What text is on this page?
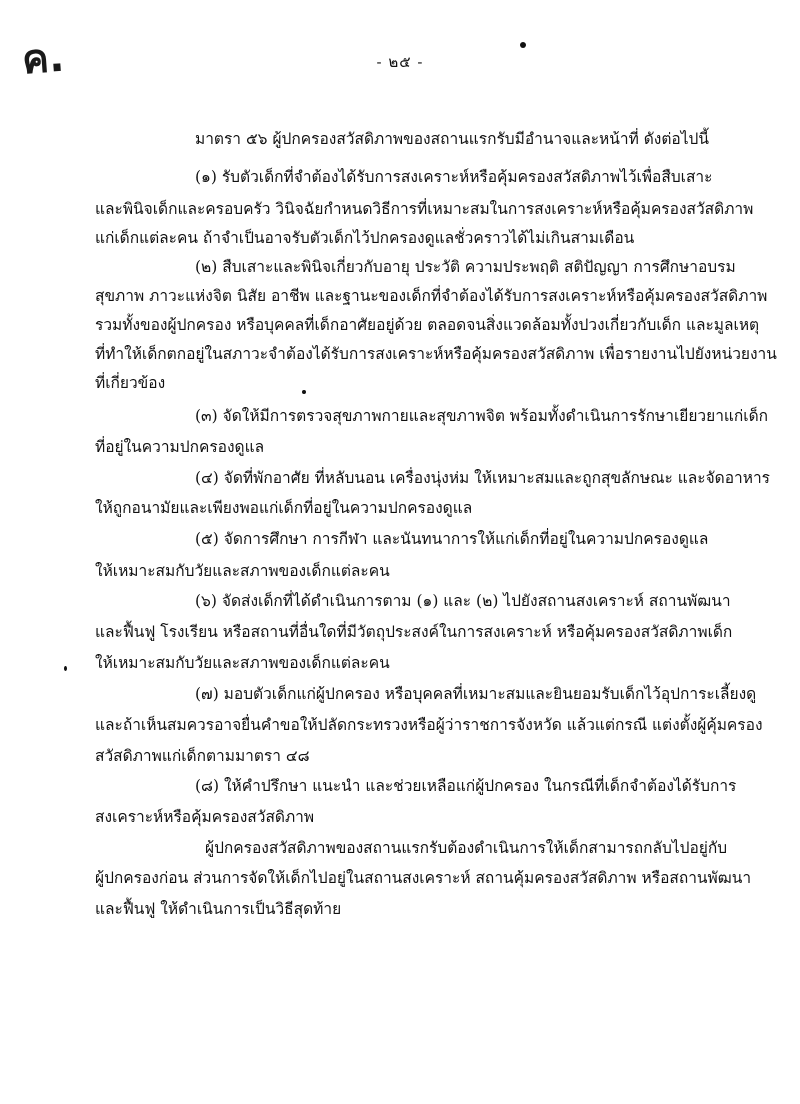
ค.	- ๒๕ -
มาตรา ๕๖ ผู้ปกครองสวัสดิภาพของสถานแรกรับมีอำนาจและหน้าที่ ดังต่อไปนี้
(๑) รับตัวเด็กที่จำต้องได้รับการสงเคราะห์หรือคุ้มครองสวัสดิภาพไว้เพื่อสืบเสาะ
และพินิจเด็กและครอบครัว วินิจฉัยกำหนดวิธีการที่เหมาะสมในการสงเคราะห์หรือคุ้มครองสวัสดิภาพ
แก่เด็กแต่ละคน ถ้าจำเป็นอาจรับตัวเด็กไว้ปกครองดูแลชั่วคราวได้ไม่เกินสามเดือน
(๒) สืบเสาะและพินิจเกี่ยวกับอายุ ประวัติ ความประพฤติ สติปัญญา การศึกษาอบรม
สุขภาพ ภาวะแห่งจิต นิสัย อาชีพ และฐานะของเด็กที่จำต้องได้รับการสงเคราะห์หรือคุ้มครองสวัสดิภาพ
รวมทั้งของผู้ปกครอง หรือบุคคลที่เด็กอาศัยอยู่ด้วย ตลอดจนสิ่งแวดล้อมทั้งปวงเกี่ยวกับเด็ก และมูลเหตุ
ที่ทำให้เด็กตกอยู่ในสภาวะจำต้องได้รับการสงเคราะห์หรือคุ้มครองสวัสดิภาพ เพื่อรายงานไปยังหน่วยงาน
ที่เกี่ยวข้อง
(๓) จัดให้มีการตรวจสุขภาพกายและสุขภาพจิต พร้อมทั้งดำเนินการรักษาเยียวยาแก่เด็ก
ที่อยู่ในความปกครองดูแล
(๔) จัดที่พักอาศัย ที่หลับนอน เครื่องนุ่งห่ม ให้เหมาะสมและถูกสุขลักษณะ และจัดอาหาร
ให้ถูกอนามัยและเพียงพอแก่เด็กที่อยู่ในความปกครองดูแล
(๕) จัดการศึกษา การกีฬา และนันทนาการให้แก่เด็กที่อยู่ในความปกครองดูแล
ให้เหมาะสมกับวัยและสภาพของเด็กแต่ละคน
(๖) จัดส่งเด็กที่ได้ดำเนินการตาม (๑) และ (๒) ไปยังสถานสงเคราะห์ สถานพัฒนา
และฟื้นฟู โรงเรียน หรือสถานที่อื่นใดที่มีวัตถุประสงค์ในการสงเคราะห์ หรือคุ้มครองสวัสดิภาพเด็ก
ให้เหมาะสมกับวัยและสภาพของเด็กแต่ละคน
(๗) มอบตัวเด็กแก่ผู้ปกครอง หรือบุคคลที่เหมาะสมและยินยอมรับเด็กไว้อุปการะเลี้ยงดู
และถ้าเห็นสมควรอาจยื่นคำขอให้ปลัดกระทรวงหรือผู้ว่าราชการจังหวัด แล้วแต่กรณี แต่งตั้งผู้คุ้มครอง
สวัสดิภาพแก่เด็กตามมาตรา ๔๘
(๘) ให้คำปรึกษา แนะนำ และช่วยเหลือแก่ผู้ปกครอง ในกรณีที่เด็กจำต้องได้รับการ
สงเคราะห์หรือคุ้มครองสวัสดิภาพ
ผู้ปกครองสวัสดิภาพของสถานแรกรับต้องดำเนินการให้เด็กสามารถกลับไปอยู่กับ
ผู้ปกครองก่อน ส่วนการจัดให้เด็กไปอยู่ในสถานสงเคราะห์ สถานคุ้มครองสวัสดิภาพ หรือสถานพัฒนา
และฟื้นฟู ให้ดำเนินการเป็นวิธีสุดท้าย
